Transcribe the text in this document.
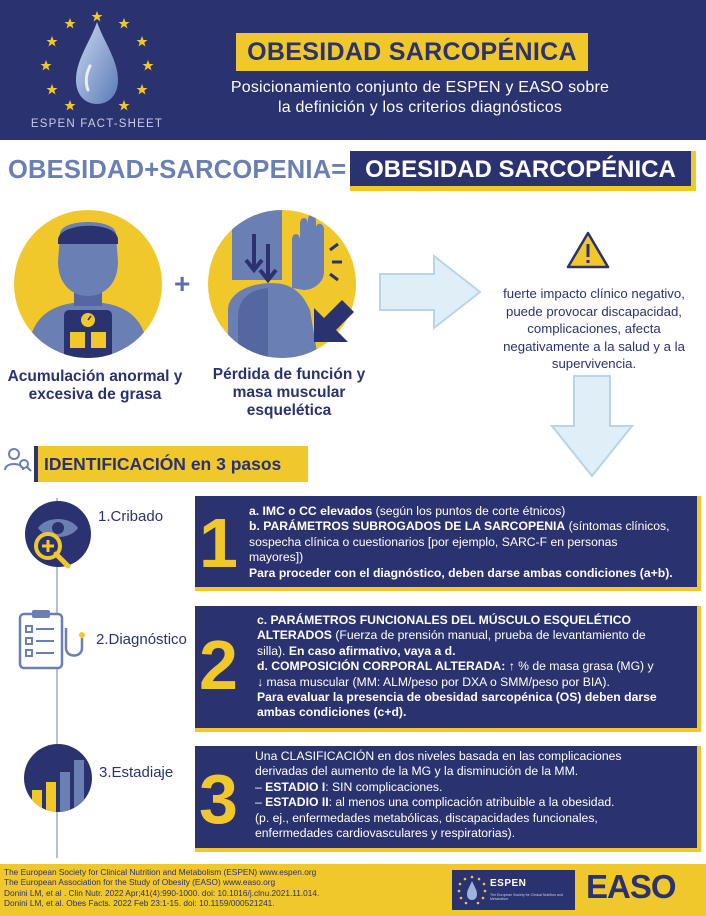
ESPEN FACT-SHEET
OBESIDAD SARCOPÉNICA
Posicionamiento conjunto de ESPEN y EASO sobre
la definición y los criterios diagnósticos
OBESIDAD+SARCOPENIA= OBESIDAD SARCOPÉNICA
Acumulación anormal y
excesiva de grasa
+
Pérdida de función y
masa muscular
esquelética
fuerte impacto clínico negativo,
puede provocar discapacidad,
complicaciones, afecta
negativamente a la salud y a la
supervivencia.
IDENTIFICACIÓN en 3 pasos
1.Cribado 1 a. IMC o CC elevados (según los puntos de corte étnicos)
b. PARÁMETROS SUBROGADOS DE LA SARCOPENIA (síntomas clínicos,
sospecha clínica o cuestionarios [por ejemplo, SARC-F en personas
mayores])
Para proceder con el diagnóstico, deben darse ambas condiciones (a+b).
2.Diagnóstico 2
c. PARÁMETROS FUNCIONALES DEL MÚSCULO ESQUELÉTICO
ALTERADOS (Fuerza de prensión manual, prueba de levantamiento de
silla). En caso afirmativo, vaya a d.
d. COMPOSICIÓN CORPORAL ALTERADA: ↑ % de masa grasa (MG) y
↓ masa muscular (MM: ALM/peso por DXA o SMM/peso por BIA).
Para evaluar la presencia de obesidad sarcopénica (OS) deben darse
ambas condiciones (c+d).
3.Estadiaje 3
Una CLASIFICACIÓN en dos niveles basada en las complicaciones
derivadas del aumento de la MG y la disminución de la MM.
– ESTADIO I: SIN complicaciones.
– ESTADIO II: al menos una complicación atribuible a la obesidad.
(p. ej., enfermedades metabólicas, discapacidades funcionales,
enfermedades cardiovasculares y respiratorias).
The European Society for Clinical Nutrition and Metabolism (ESPEN) www.espen.org
The European Association for the Study of Obesity (EASO) www.easo.org
Donini LM, et al . Clin Nutr. 2022 Apr;41(4):990-1000. doi: 10.1016/j.clnu.2021.11.014.
Donini LM, et al. Obes Facts. 2022 Feb 23:1-15. doi: 10.1159/000521241.
ESPEN
The European Society for Clinical Nutrition and Metabolism	EASO
